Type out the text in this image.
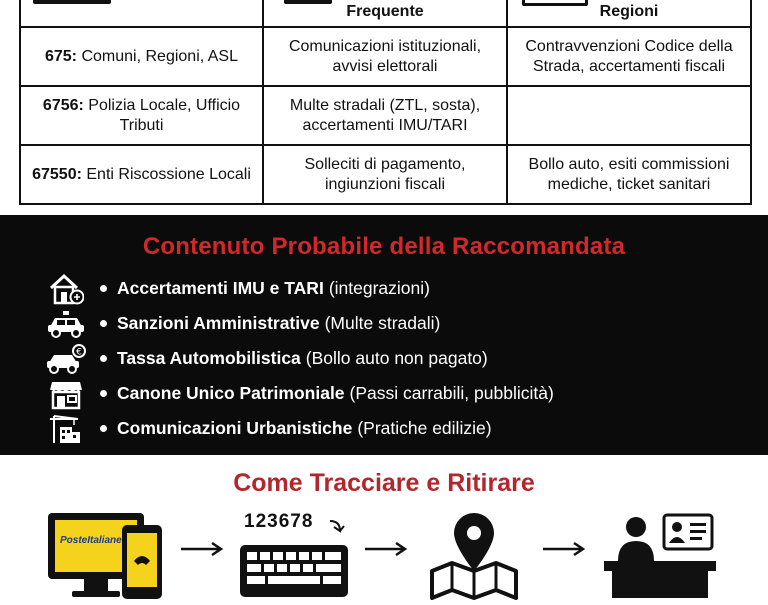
Frequente	Regioni
675: Comuni, Regioni, ASL	Comunicazioni istituzionali, avvisi elettorali	Contravvenzioni Codice della Strada, accertamenti fiscali
6756: Polizia Locale, Ufficio Tributi	Multe stradali (ZTL, sosta), accertamenti IMU/TARI	
67550: Enti Riscossione Locali	Solleciti di pagamento, ingiunzioni fiscali	Bollo auto, esiti commissioni mediche, ticket sanitari
Contenuto Probabile della Raccomandata
Accertamenti IMU e TARI (integrazioni)
Sanzioni Amministrative (Multe stradali)
€ Tassa Automobilistica (Bollo auto non pagato)
Canone Unico Patrimoniale (Passi carrabili, pubblicità)
Comunicazioni Urbanistiche (Pratiche edilizie)
Come Tracciare e Ritirare
PosteItaliane
123678
